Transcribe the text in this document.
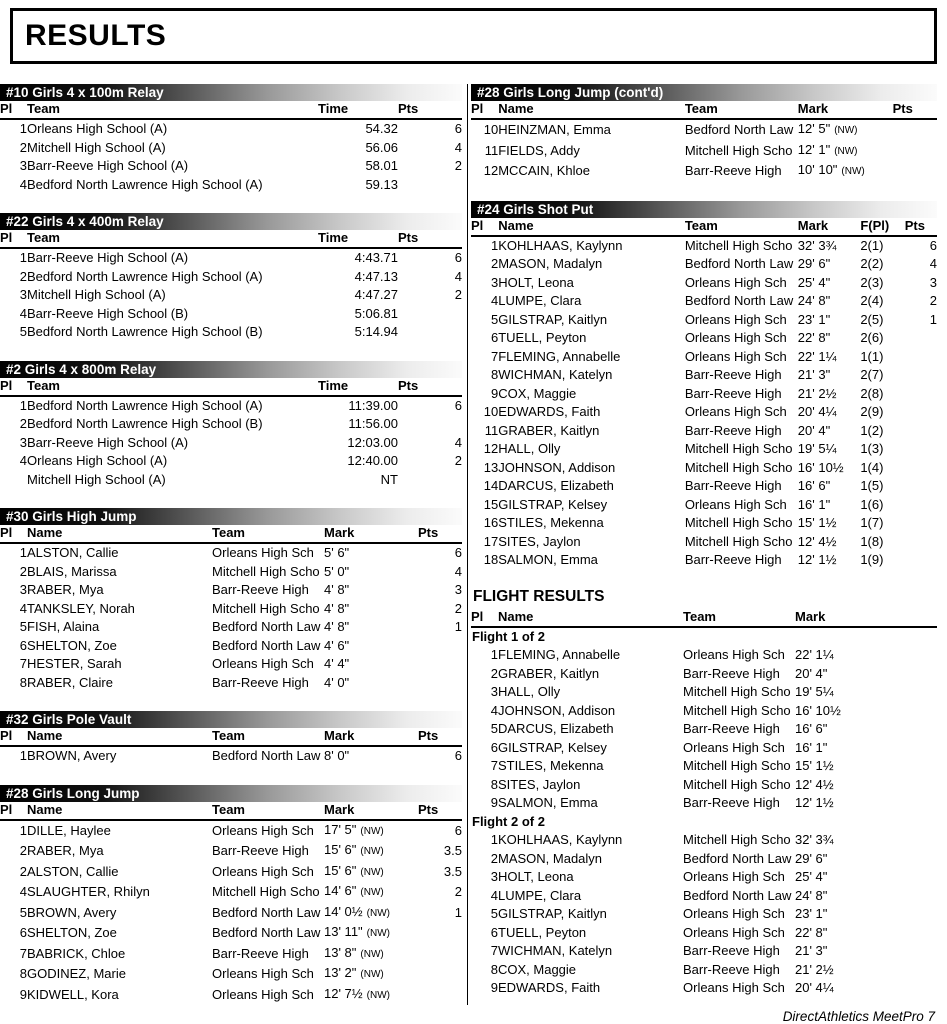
RESULTS
#10 Girls 4 x 100m Relay
Pl	Team	Time	Pts
1	Orleans High School (A)	54.32	6
2	Mitchell High School (A)	56.06	4
3	Barr-Reeve High School (A)	58.01	2
4	Bedford North Lawrence High School (A)	59.13	
#22 Girls 4 x 400m Relay
Pl	Team	Time	Pts
1	Barr-Reeve High School (A)	4:43.71	6
2	Bedford North Lawrence High School (A)	4:47.13	4
3	Mitchell High School (A)	4:47.27	2
4	Barr-Reeve High School (B)	5:06.81	
5	Bedford North Lawrence High School (B)	5:14.94	
#2 Girls 4 x 800m Relay
Pl	Team	Time	Pts
1	Bedford North Lawrence High School (A)	11:39.00	6
2	Bedford North Lawrence High School (B)	11:56.00	
3	Barr-Reeve High School (A)	12:03.00	4
4	Orleans High School (A)	12:40.00	2
	Mitchell High School (A)	NT	
#30 Girls High Jump
Pl	Name	Team	Mark	Pts
1	ALSTON, Callie	Orleans High Sch	5' 6"	6
2	BLAIS, Marissa	Mitchell High Scho	5' 0"	4
3	RABER, Mya	Barr-Reeve High	4' 8"	3
4	TANKSLEY, Norah	Mitchell High Scho	4' 8"	2
5	FISH, Alaina	Bedford North Law	4' 8"	1
6	SHELTON, Zoe	Bedford North Law	4' 6"	
7	HESTER, Sarah	Orleans High Sch	4' 4"	
8	RABER, Claire	Barr-Reeve High	4' 0"	
#32 Girls Pole Vault
Pl	Name	Team	Mark	Pts
1	BROWN, Avery	Bedford North Law	8' 0"	6
#28 Girls Long Jump
Pl	Name	Team	Mark	Pts
1	DILLE, Haylee	Orleans High Sch	17' 5" (NW)	6
2	RABER, Mya	Barr-Reeve High	15' 6" (NW)	3.5
2	ALSTON, Callie	Orleans High Sch	15' 6" (NW)	3.5
4	SLAUGHTER, Rhilyn	Mitchell High Scho	14' 6" (NW)	2
5	BROWN, Avery	Bedford North Law	14' 0½ (NW)	1
6	SHELTON, Zoe	Bedford North Law	13' 11" (NW)	
7	BABRICK, Chloe	Barr-Reeve High	13' 8" (NW)	
8	GODINEZ, Marie	Orleans High Sch	13' 2" (NW)	
9	KIDWELL, Kora	Orleans High Sch	12' 7½ (NW)	
#28 Girls Long Jump (cont'd)
Pl	Name	Team	Mark	Pts
10	HEINZMAN, Emma	Bedford North Law	12' 5" (NW)	
11	FIELDS, Addy	Mitchell High Scho	12' 1" (NW)	
12	MCCAIN, Khloe	Barr-Reeve High	10' 10" (NW)	
#24 Girls Shot Put
Pl	Name	Team	Mark	F(Pl)	Pts
1	KOHLHAAS, Kaylynn	Mitchell High Scho	32' 3¾	2(1)	6
2	MASON, Madalyn	Bedford North Law	29' 6"	2(2)	4
3	HOLT, Leona	Orleans High Sch	25' 4"	2(3)	3
4	LUMPE, Clara	Bedford North Law	24' 8"	2(4)	2
5	GILSTRAP, Kaitlyn	Orleans High Sch	23' 1"	2(5)	1
6	TUELL, Peyton	Orleans High Sch	22' 8"	2(6)	
7	FLEMING, Annabelle	Orleans High Sch	22' 1¼	1(1)	
8	WICHMAN, Katelyn	Barr-Reeve High	21' 3"	2(7)	
9	COX, Maggie	Barr-Reeve High	21' 2½	2(8)	
10	EDWARDS, Faith	Orleans High Sch	20' 4¼	2(9)	
11	GRABER, Kaitlyn	Barr-Reeve High	20' 4"	1(2)	
12	HALL, Olly	Mitchell High Scho	19' 5¼	1(3)	
13	JOHNSON, Addison	Mitchell High Scho	16' 10½	1(4)	
14	DARCUS, Elizabeth	Barr-Reeve High	16' 6"	1(5)	
15	GILSTRAP, Kelsey	Orleans High Sch	16' 1"	1(6)	
16	STILES, Mekenna	Mitchell High Scho	15' 1½	1(7)	
17	SITES, Jaylon	Mitchell High Scho	12' 4½	1(8)	
18	SALMON, Emma	Barr-Reeve High	12' 1½	1(9)	
FLIGHT RESULTS
Pl	Name	Team	Mark
Flight 1 of 2			
1	FLEMING, Annabelle	Orleans High Sch	22' 1¼
2	GRABER, Kaitlyn	Barr-Reeve High	20' 4"
3	HALL, Olly	Mitchell High Scho	19' 5¼
4	JOHNSON, Addison	Mitchell High Scho	16' 10½
5	DARCUS, Elizabeth	Barr-Reeve High	16' 6"
6	GILSTRAP, Kelsey	Orleans High Sch	16' 1"
7	STILES, Mekenna	Mitchell High Scho	15' 1½
8	SITES, Jaylon	Mitchell High Scho	12' 4½
9	SALMON, Emma	Barr-Reeve High	12' 1½
Flight 2 of 2			
1	KOHLHAAS, Kaylynn	Mitchell High Scho	32' 3¾
2	MASON, Madalyn	Bedford North Law	29' 6"
3	HOLT, Leona	Orleans High Sch	25' 4"
4	LUMPE, Clara	Bedford North Law	24' 8"
5	GILSTRAP, Kaitlyn	Orleans High Sch	23' 1"
6	TUELL, Peyton	Orleans High Sch	22' 8"
7	WICHMAN, Katelyn	Barr-Reeve High	21' 3"
8	COX, Maggie	Barr-Reeve High	21' 2½
9	EDWARDS, Faith	Orleans High Sch	20' 4¼
DirectAthletics MeetPro 7
